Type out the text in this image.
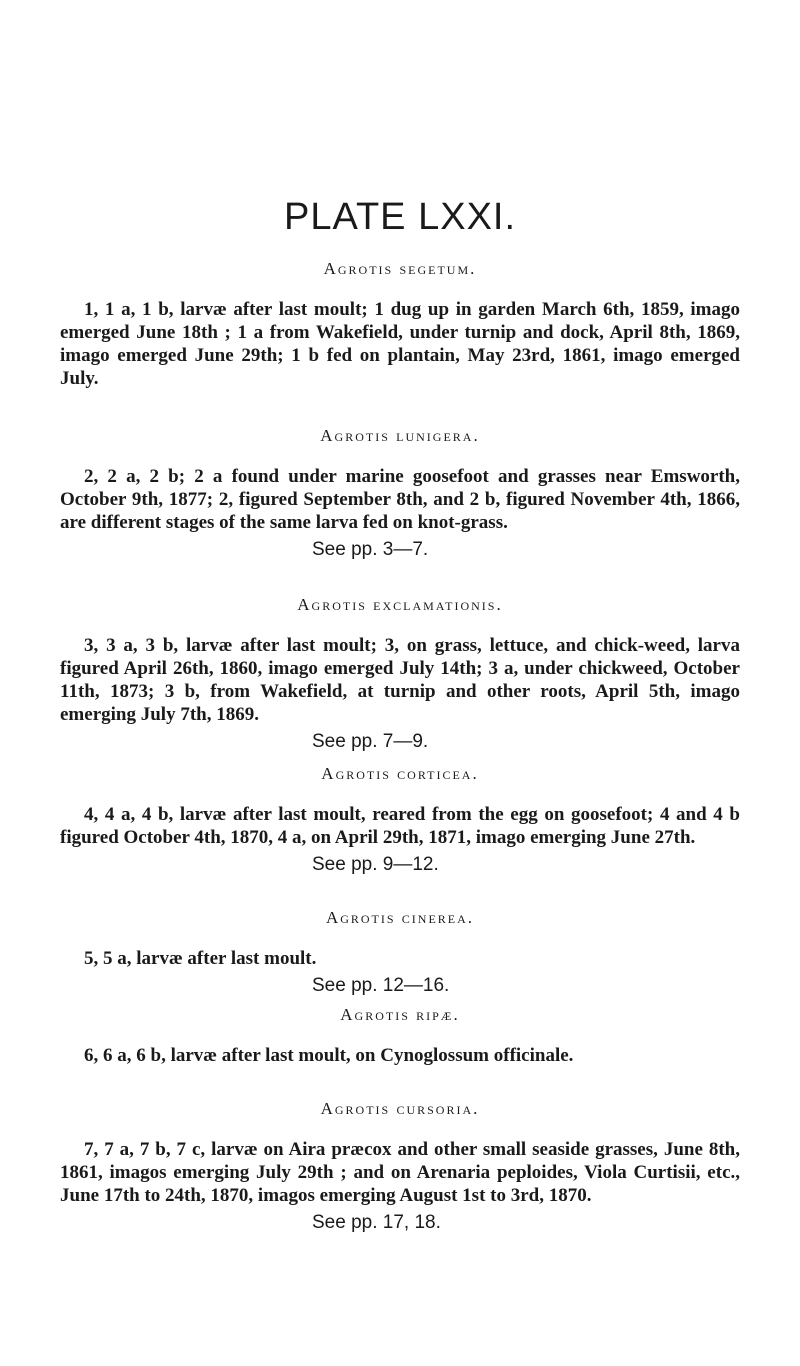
PLATE LXXI.
Agrotis segetum.

1, 1 a, 1 b, larvæ after last moult; 1 dug up in garden March 6th, 1859, imago emerged June 18th ; 1 a from Wakefield, under turnip and dock, April 8th, 1869, imago emerged June 29th; 1 b fed on plantain, May 23rd, 1861, imago emerged July.

Agrotis lunigera.

2, 2 a, 2 b; 2 a found under marine goosefoot and grasses near Emsworth, October 9th, 1877; 2, figured September 8th, and 2 b, figured November 4th, 1866, are different stages of the same larva fed on knot-grass.

See pp. 3—7.

Agrotis exclamationis.

3, 3 a, 3 b, larvæ after last moult; 3, on grass, lettuce, and chick-weed, larva figured April 26th, 1860, imago emerged July 14th; 3 a, under chickweed, October 11th, 1873; 3 b, from Wakefield, at turnip and other roots, April 5th, imago emerging July 7th, 1869.

See pp. 7—9.

Agrotis corticea.

4, 4 a, 4 b, larvæ after last moult, reared from the egg on goosefoot; 4 and 4 b figured October 4th, 1870, 4 a, on April 29th, 1871, imago emerging June 27th.

See pp. 9—12.

Agrotis cinerea.

5, 5 a, larvæ after last moult.

See pp. 12—16.

Agrotis ripæ.

6, 6 a, 6 b, larvæ after last moult, on Cynoglossum officinale.

Agrotis cursoria.

7, 7 a, 7 b, 7 c, larvæ on Aira præcox and other small seaside grasses, June 8th, 1861, imagos emerging July 29th ; and on Arenaria peploides, Viola Curtisii, etc., June 17th to 24th, 1870, imagos emerging August 1st to 3rd, 1870.

See pp. 17, 18.
